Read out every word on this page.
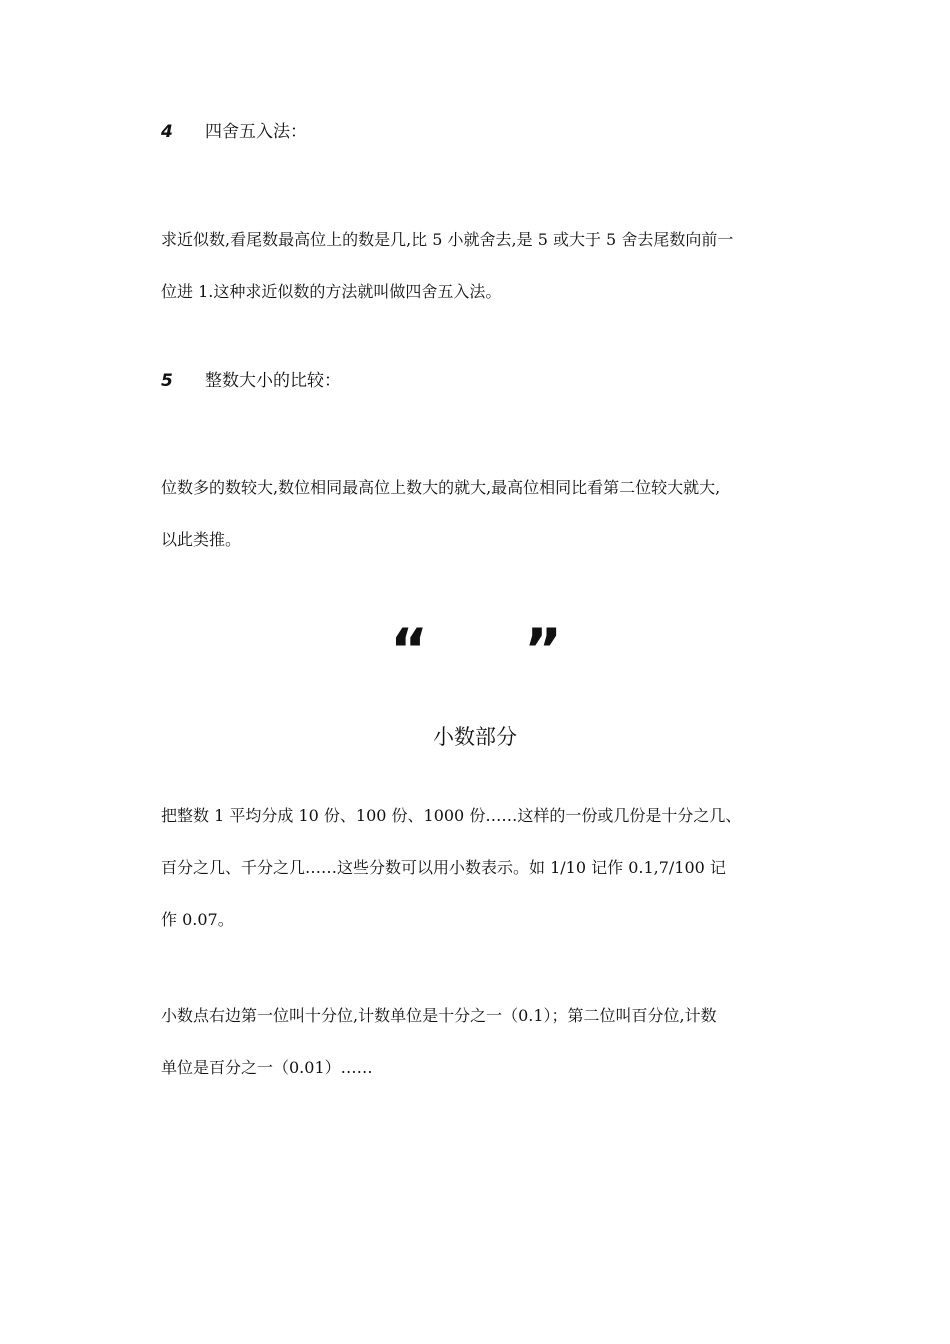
4 四舍五入法：
求近似数,看尾数最高位上的数是几,比 5 小就舍去,是 5 或大于 5 舍去尾数向前一
位进 1.这种求近似数的方法就叫做四舍五入法。
5 整数大小的比较：
位数多的数较大,数位相同最高位上数大的就大,最高位相同比看第二位较大就大,
以此类推。
“ ”
小数部分
把整数 1 平均分成 10 份、100 份、1000 份……这样的一份或几份是十分之几、
百分之几、千分之几……这些分数可以用小数表示。如 1/10 记作 0.1,7/100 记
作 0.07。
小数点右边第一位叫十分位,计数单位是十分之一（0.1）；第二位叫百分位,计数
单位是百分之一（0.01）……
